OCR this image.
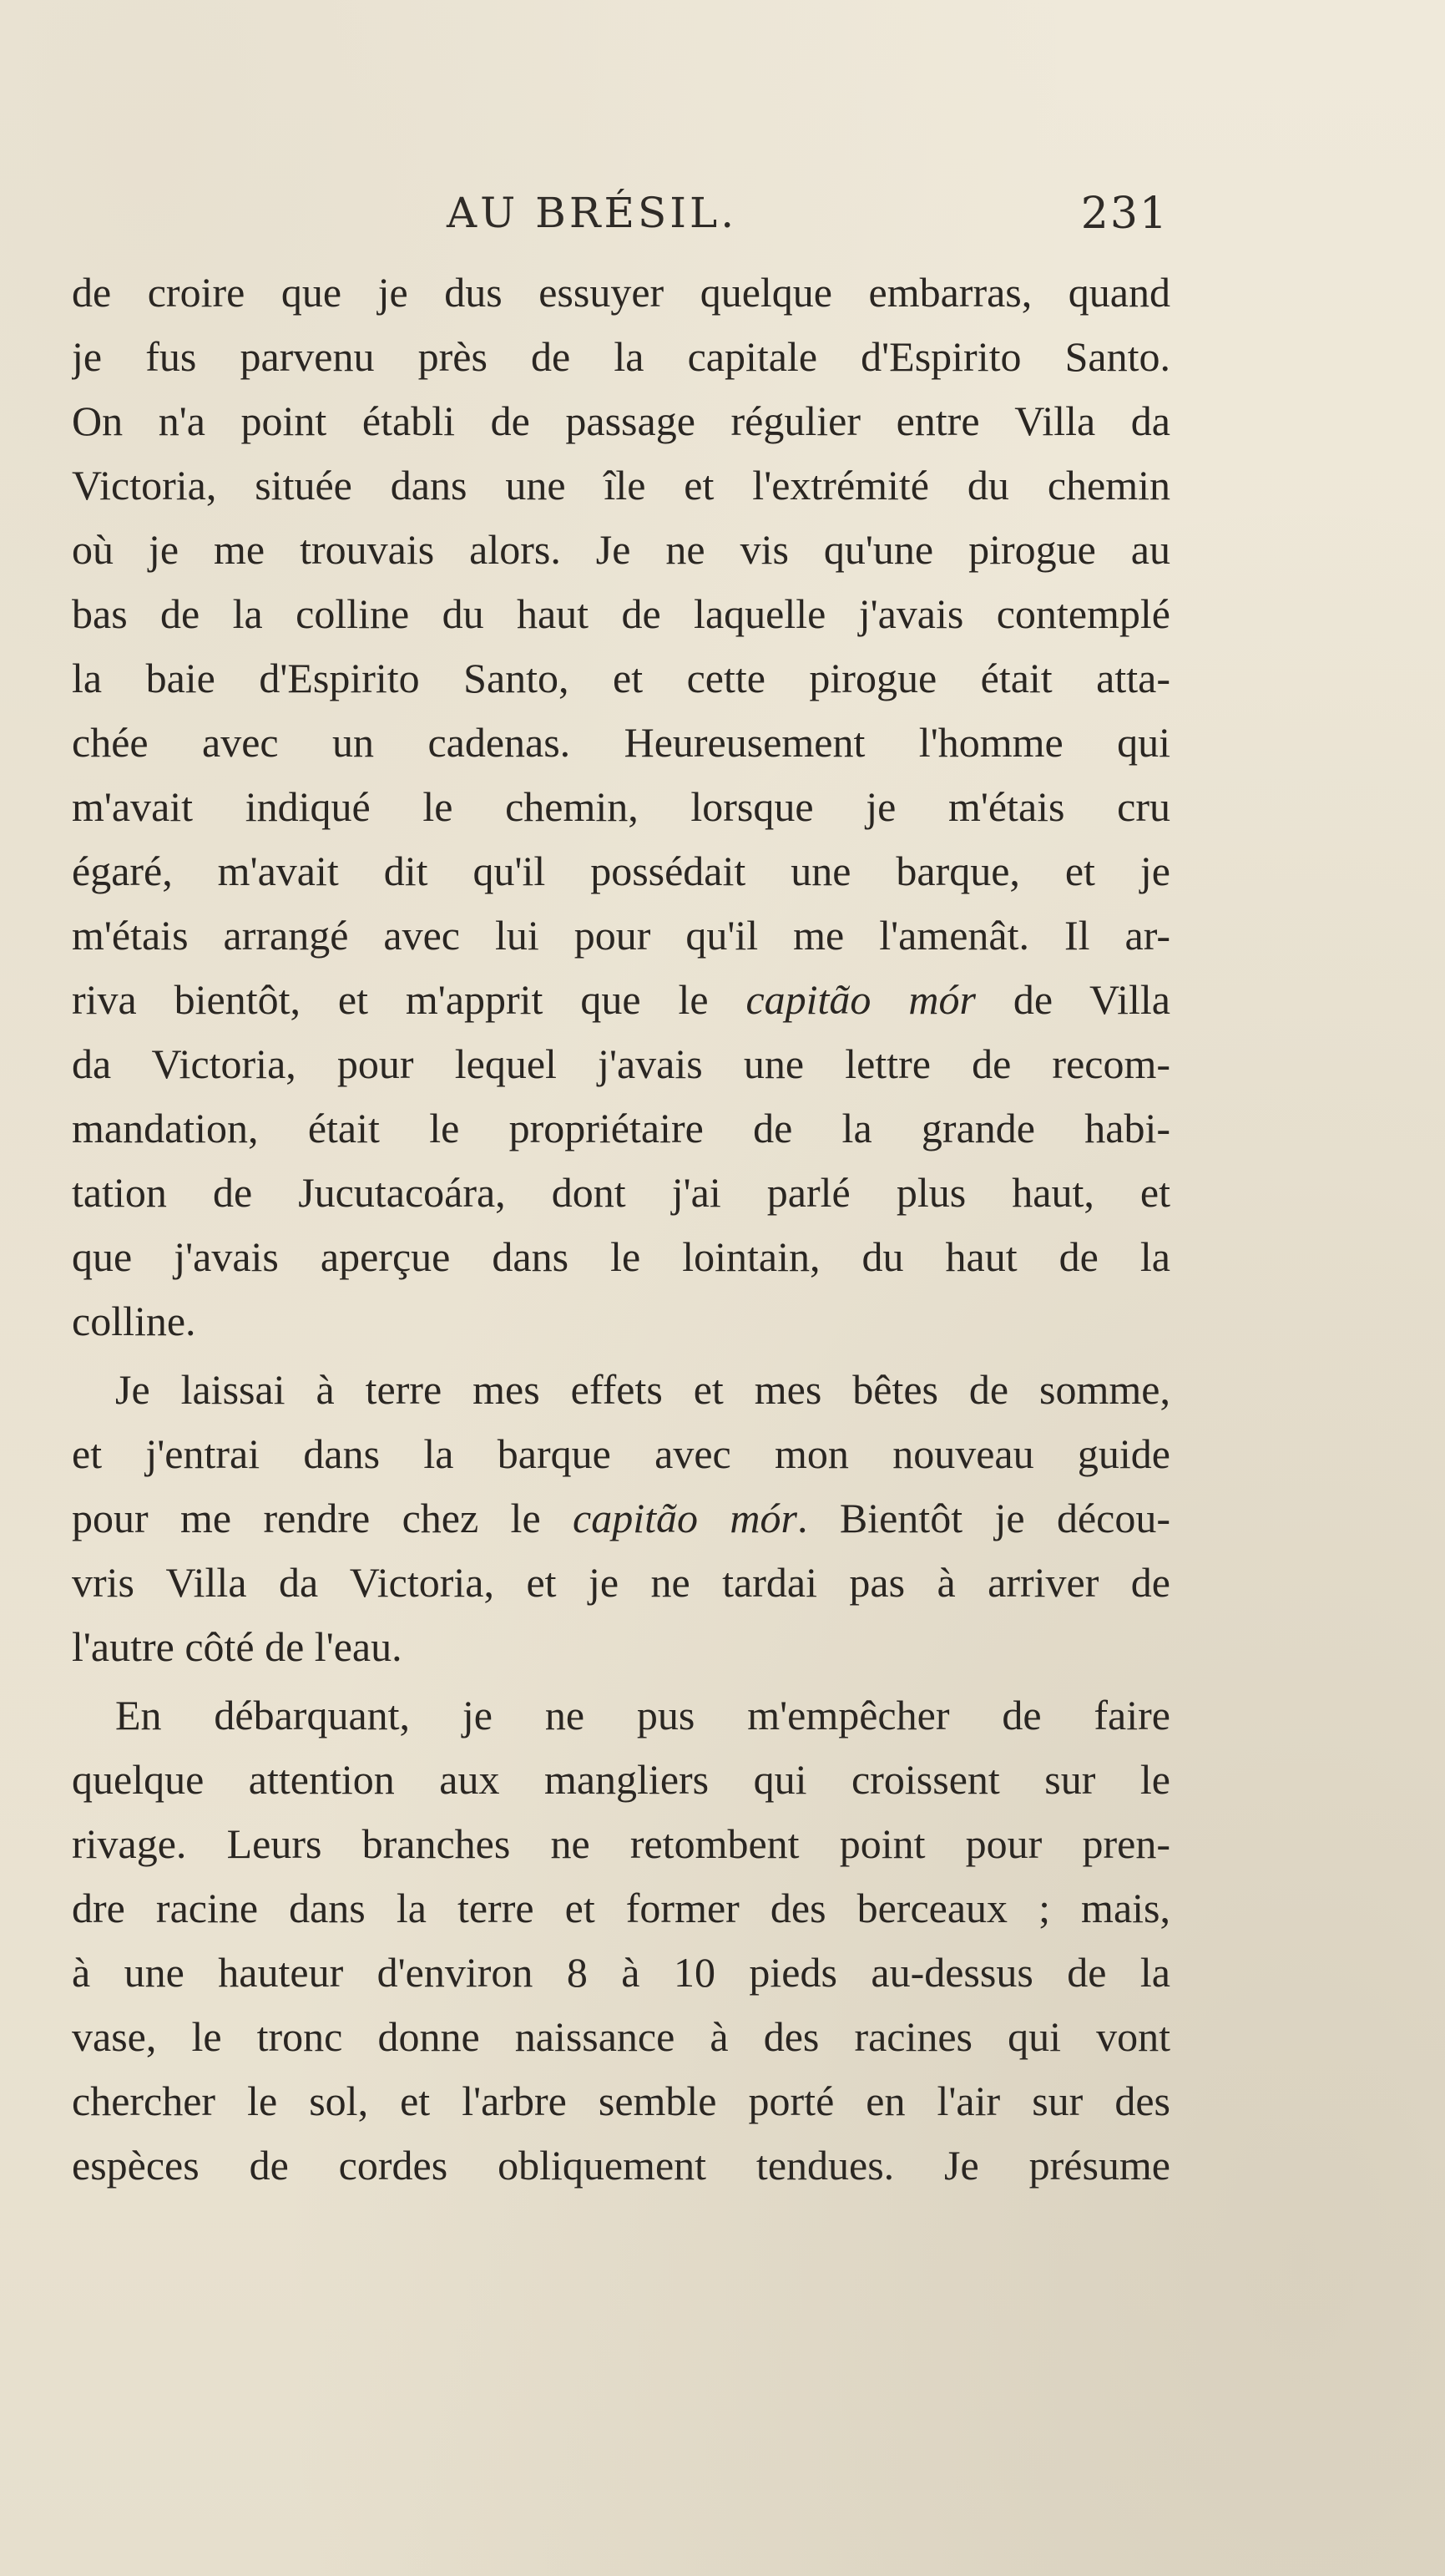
AU BRÉSIL.	231
de croire que je dus essuyer quelque embarras, quand
je fus parvenu près de la capitale d'Espirito Santo.
On n'a point établi de passage régulier entre Villa da
Victoria, située dans une île et l'extrémité du chemin
où je me trouvais alors. Je ne vis qu'une pirogue au
bas de la colline du haut de laquelle j'avais contemplé
la baie d'Espirito Santo, et cette pirogue était atta-
chée avec un cadenas. Heureusement l'homme qui
m'avait indiqué le chemin, lorsque je m'étais cru
égaré, m'avait dit qu'il possédait une barque, et je
m'étais arrangé avec lui pour qu'il me l'amenât. Il ar-
riva bientôt, et m'apprit que le capitão mór de Villa
da Victoria, pour lequel j'avais une lettre de recom-
mandation, était le propriétaire de la grande habi-
tation de Jucutacoára, dont j'ai parlé plus haut, et
que j'avais aperçue dans le lointain, du haut de la
colline.
Je laissai à terre mes effets et mes bêtes de somme,
et j'entrai dans la barque avec mon nouveau guide
pour me rendre chez le capitão mór. Bientôt je décou-
vris Villa da Victoria, et je ne tardai pas à arriver de
l'autre côté de l'eau.
En débarquant, je ne pus m'empêcher de faire
quelque attention aux mangliers qui croissent sur le
rivage. Leurs branches ne retombent point pour pren-
dre racine dans la terre et former des berceaux ; mais,
à une hauteur d'environ 8 à 10 pieds au-dessus de la
vase, le tronc donne naissance à des racines qui vont
chercher le sol, et l'arbre semble porté en l'air sur des
espèces de cordes obliquement tendues. Je présume
